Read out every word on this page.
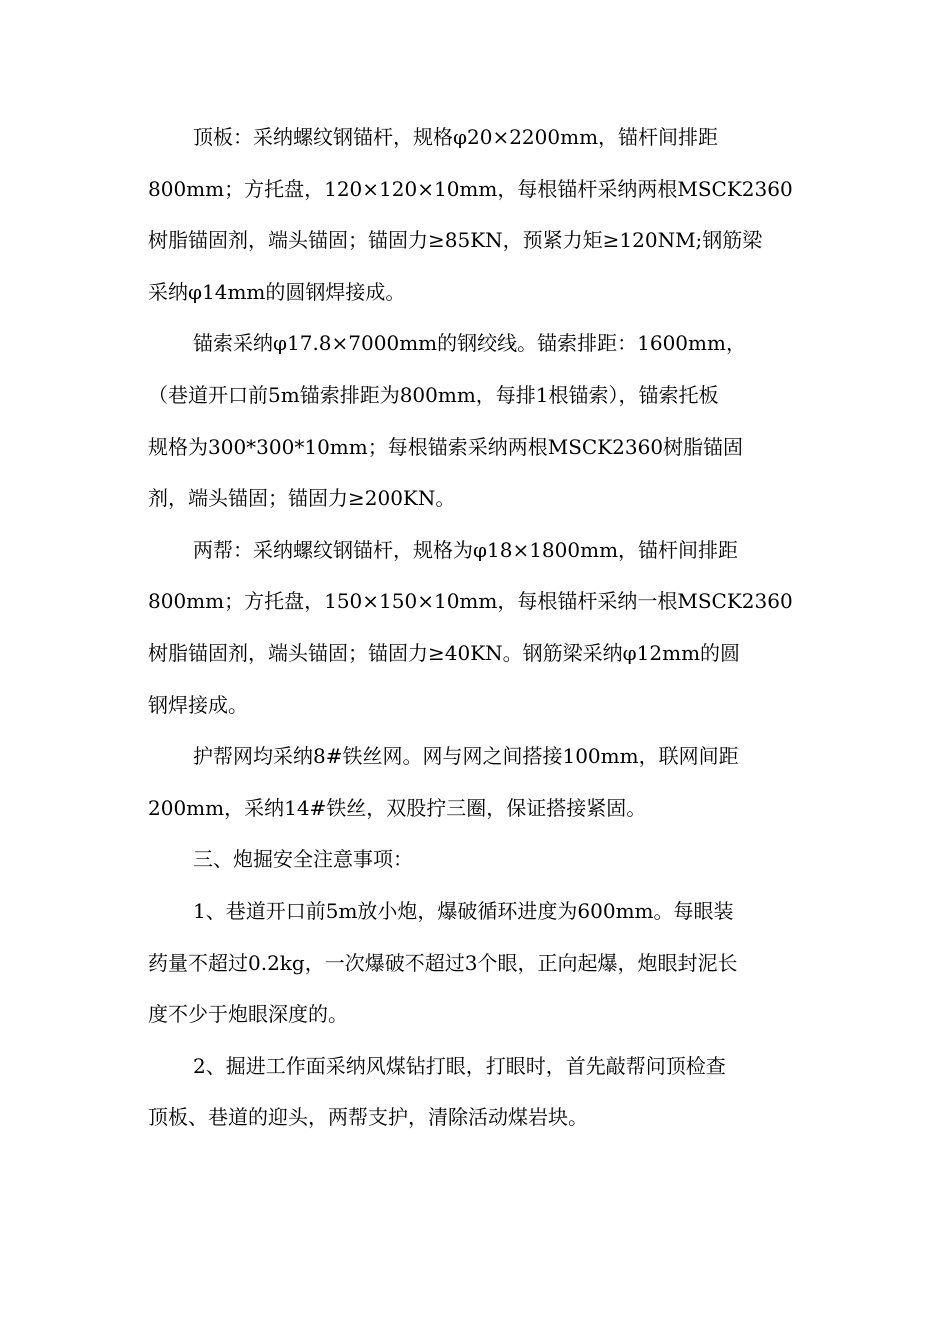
顶板：采纳螺纹钢锚杆，规格φ20×2200mm，锚杆间排距
800mm；方托盘，120×120×10mm，每根锚杆采纳两根MSCK2360
树脂锚固剂，端头锚固；锚固力≥85KN，预紧力矩≥120NM;钢筋梁
采纳φ14mm的圆钢焊接成。
锚索采纳φ17.8×7000mm的钢绞线。锚索排距：1600mm，
（巷道开口前5m锚索排距为800mm，每排1根锚索），锚索托板
规格为300*300*10mm；每根锚索采纳两根MSCK2360树脂锚固
剂，端头锚固；锚固力≥200KN。
两帮：采纳螺纹钢锚杆，规格为φ18×1800mm，锚杆间排距
800mm；方托盘，150×150×10mm，每根锚杆采纳一根MSCK2360
树脂锚固剂，端头锚固；锚固力≥40KN。钢筋梁采纳φ12mm的圆
钢焊接成。
护帮网均采纳8#铁丝网。网与网之间搭接100mm，联网间距
200mm，采纳14#铁丝，双股拧三圈，保证搭接紧固。
三、炮掘安全注意事项：
1、巷道开口前5m放小炮，爆破循环进度为600mm。每眼装
药量不超过0.2kg，一次爆破不超过3个眼，正向起爆，炮眼封泥长
度不少于炮眼深度的。
2、掘进工作面采纳风煤钻打眼，打眼时，首先敲帮问顶检查
顶板、巷道的迎头，两帮支护，清除活动煤岩块。
